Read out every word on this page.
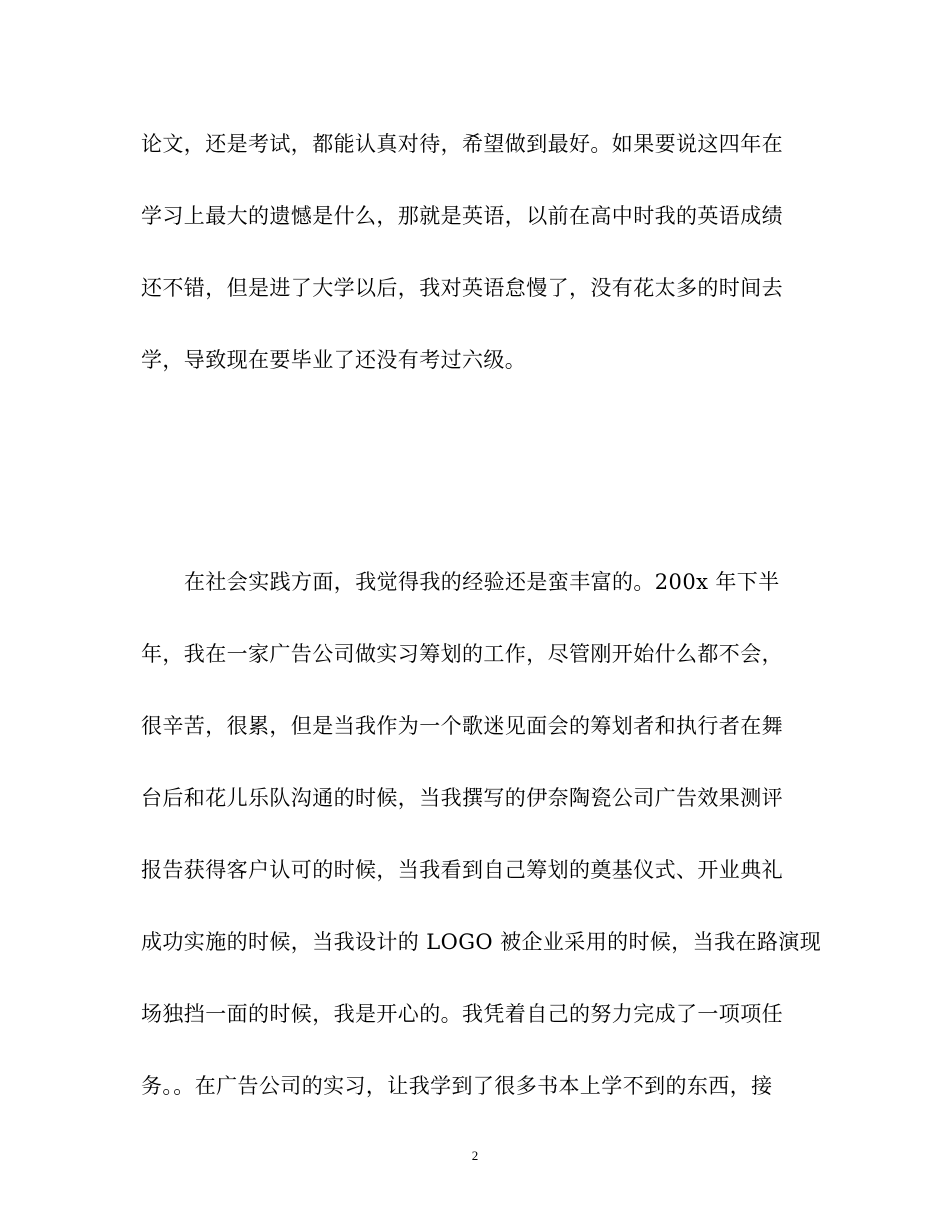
论文，还是考试，都能认真对待，希望做到最好。如果要说这四年在
学习上最大的遗憾是什么，那就是英语，以前在高中时我的英语成绩
还不错，但是进了大学以后，我对英语怠慢了，没有花太多的时间去
学，导致现在要毕业了还没有考过六级。
在社会实践方面，我觉得我的经验还是蛮丰富的。200x 年下半
年，我在一家广告公司做实习筹划的工作，尽管刚开始什么都不会，
很辛苦，很累，但是当我作为一个歌迷见面会的筹划者和执行者在舞
台后和花儿乐队沟通的时候，当我撰写的伊奈陶瓷公司广告效果测评
报告获得客户认可的时候，当我看到自己筹划的奠基仪式、开业典礼
成功实施的时候，当我设计的 LOGO 被企业采用的时候，当我在路演现
场独挡一面的时候，我是开心的。我凭着自己的努力完成了一项项任
务。。在广告公司的实习，让我学到了很多书本上学不到的东西，接
2
